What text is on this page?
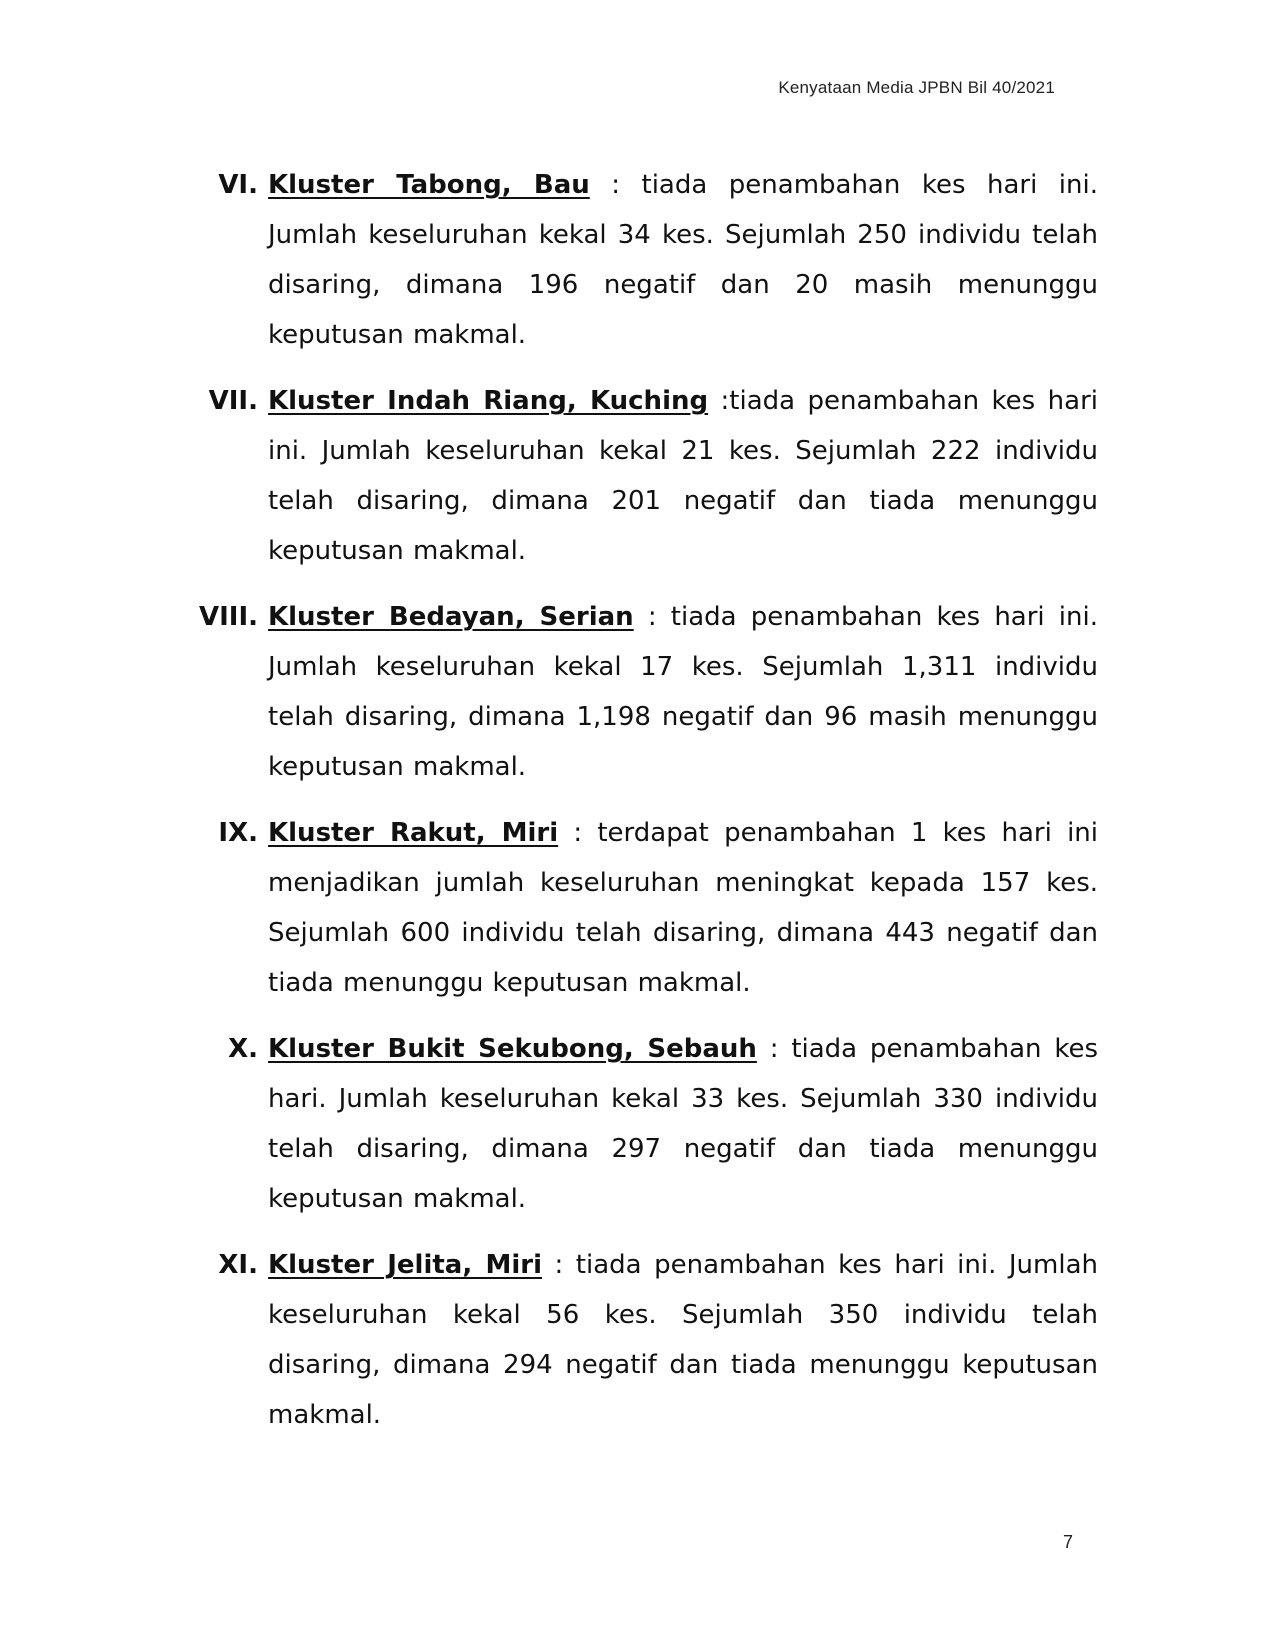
Kenyataan Media JPBN Bil 40/2021
VI. Kluster Tabong, Bau : tiada penambahan kes hari ini. Jumlah keseluruhan kekal 34 kes. Sejumlah 250 individu telah disaring, dimana 196 negatif dan 20 masih menunggu keputusan makmal.
VII. Kluster Indah Riang, Kuching :tiada penambahan kes hari ini. Jumlah keseluruhan kekal 21 kes. Sejumlah 222 individu telah disaring, dimana 201 negatif dan tiada menunggu keputusan makmal.
VIII. Kluster Bedayan, Serian : tiada penambahan kes hari ini. Jumlah keseluruhan kekal 17 kes. Sejumlah 1,311 individu telah disaring, dimana 1,198 negatif dan 96 masih menunggu keputusan makmal.
IX. Kluster Rakut, Miri : terdapat penambahan 1 kes hari ini menjadikan jumlah keseluruhan meningkat kepada 157 kes. Sejumlah 600 individu telah disaring, dimana 443 negatif dan tiada menunggu keputusan makmal.
X. Kluster Bukit Sekubong, Sebauh : tiada penambahan kes hari. Jumlah keseluruhan kekal 33 kes. Sejumlah 330 individu telah disaring, dimana 297 negatif dan tiada menunggu keputusan makmal.
XI. Kluster Jelita, Miri : tiada penambahan kes hari ini. Jumlah keseluruhan kekal 56 kes. Sejumlah 350 individu telah disaring, dimana 294 negatif dan tiada menunggu keputusan makmal.
7
